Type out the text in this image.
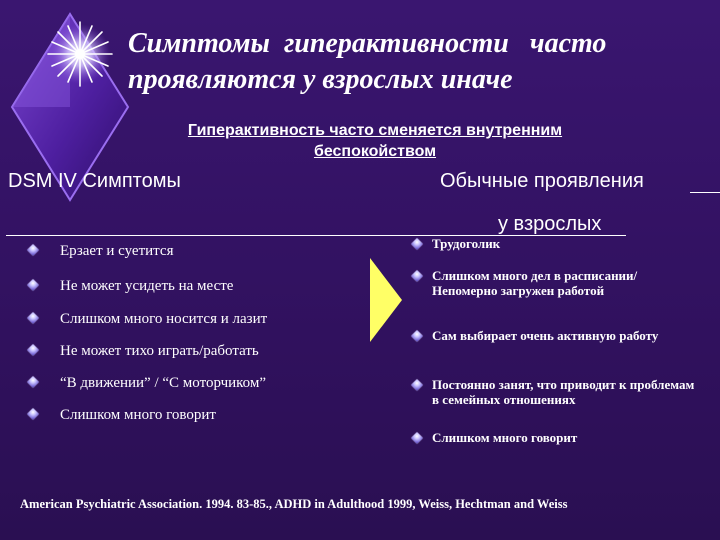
Симптомы  гиперактивности   часто проявляются у взрослых иначе
Гиперактивность часто сменяется внутренним
беспокойством
DSM IV Симптомы	Обычные проявления
у взрослых
Ерзает и суетится
Не может усидеть на месте
Слишком много носится и лазит
Не может тихо играть/работать
“В движении” / “С моторчиком”
Слишком много говорит
Трудоголик
Слишком много дел в расписании/Непомерно загружен работой
Сам выбирает очень активную работу
Постоянно занят, что приводит к проблемам в семейных отношениях
Слишком много говорит
American Psychiatric Association. 1994. 83-85., ADHD in Adulthood 1999, Weiss, Hechtman and Weiss
